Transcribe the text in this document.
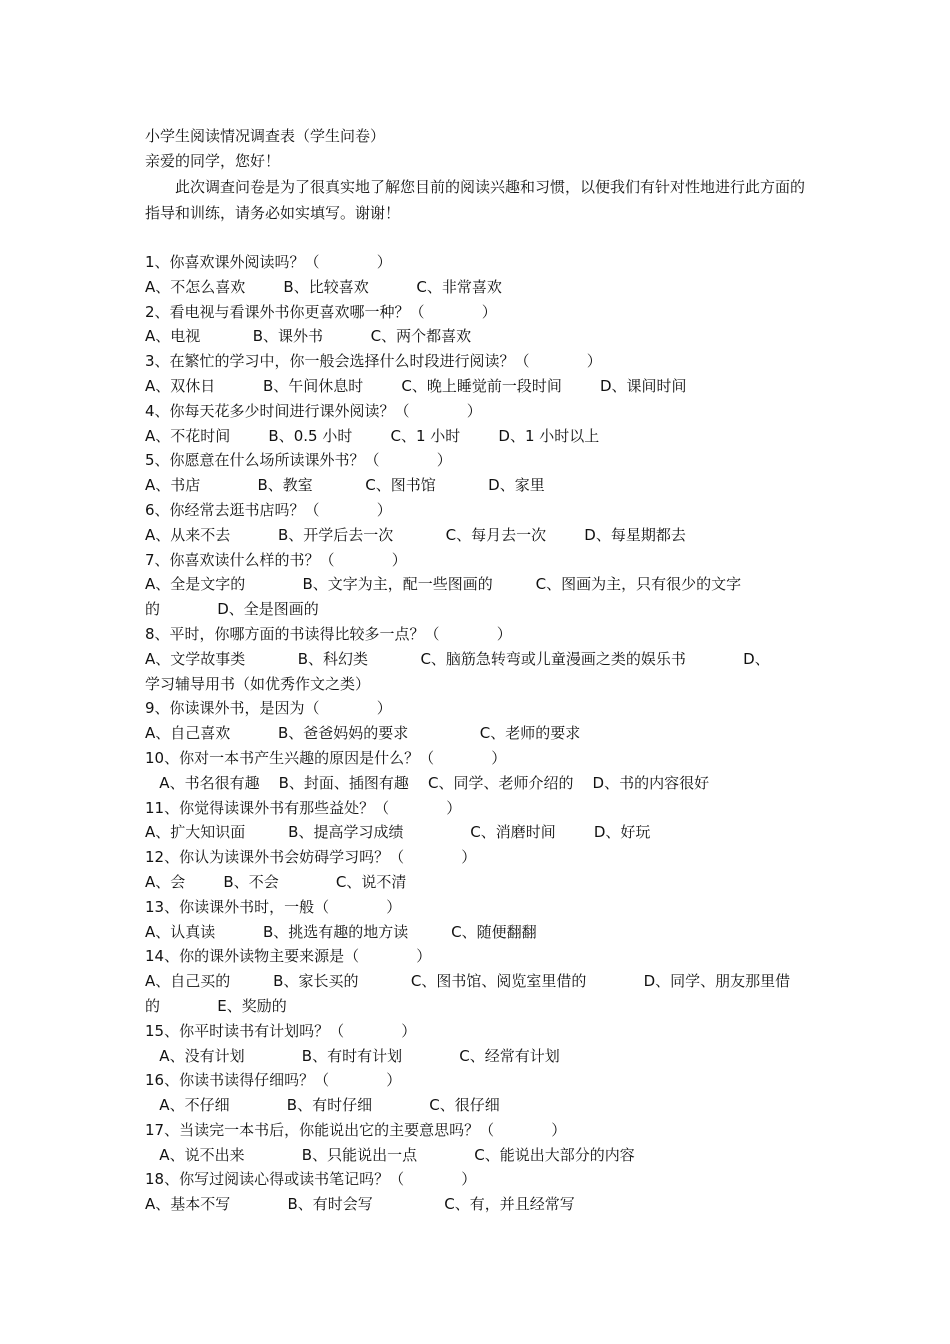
小学生阅读情况调查表（学生问卷）
亲爱的同学，您好！
此次调查问卷是为了很真实地了解您目前的阅读兴趣和习惯，以便我们有针对性地进行此方面的指导和训练，请务必如实填写。谢谢！
1、你喜欢课外阅读吗？（            ）
A、不怎么喜欢        B、比较喜欢          C、非常喜欢
2、看电视与看课外书你更喜欢哪一种？（            ）
A、电视           B、课外书          C、两个都喜欢
3、在繁忙的学习中，你一般会选择什么时段进行阅读？（            ）
A、双休日          B、午间休息时        C、晚上睡觉前一段时间        D、课间时间
4、你每天花多少时间进行课外阅读？（            ）
A、不花时间        B、0.5 小时        C、1 小时        D、1 小时以上
5、你愿意在什么场所读课外书？（            ）
A、书店            B、教室           C、图书馆           D、家里
6、你经常去逛书店吗？（            ）
A、从来不去          B、开学后去一次           C、每月去一次        D、每星期都去
7、你喜欢读什么样的书？（            ）
A、全是文字的            B、文字为主，配一些图画的         C、图画为主，只有很少的文字
的            D、全是图画的
8、平时，你哪方面的书读得比较多一点？（            ）
A、文学故事类           B、科幻类           C、脑筋急转弯或儿童漫画之类的娱乐书            D、
学习辅导用书（如优秀作文之类）
9、你读课外书，是因为（            ）
A、自己喜欢          B、爸爸妈妈的要求               C、老师的要求
10、你对一本书产生兴趣的原因是什么？（            ）
A、书名很有趣    B、封面、插图有趣    C、同学、老师介绍的    D、书的内容很好
11、你觉得读课外书有那些益处？（            ）
A、扩大知识面         B、提高学习成绩              C、消磨时间        D、好玩
12、你认为读课外书会妨碍学习吗？（            ）
A、会        B、不会            C、说不清
13、你读课外书时，一般（            ）
A、认真读          B、挑选有趣的地方读         C、随便翻翻
14、你的课外读物主要来源是（            ）
A、自己买的         B、家长买的           C、图书馆、阅览室里借的            D、同学、朋友那里借
的            E、奖励的
15、你平时读书有计划吗？（            ）
A、没有计划            B、有时有计划            C、经常有计划
16、你读书读得仔细吗？（            ）
A、不仔细            B、有时仔细            C、很仔细
17、当读完一本书后，你能说出它的主要意思吗？（            ）
A、说不出来            B、只能说出一点            C、能说出大部分的内容
18、你写过阅读心得或读书笔记吗？（            ）
A、基本不写            B、有时会写               C、有，并且经常写
